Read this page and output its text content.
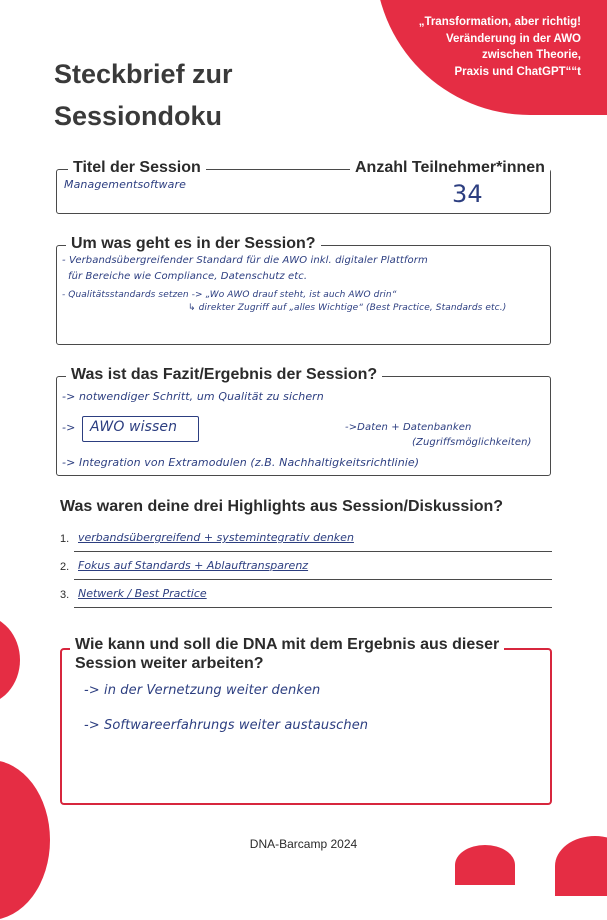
„Transformation, aber richtig!
Veränderung in der AWO
zwischen Theorie,
Praxis und ChatGPT““t
Steckbrief zur
Sessiondoku
Titel der Session	Anzahl Teilnehmer*innen
Managementsoftware	34
Um was geht es in der Session?
- Verbandsübergreifender Standard für die AWO inkl. digitaler Plattform
für Bereiche wie Compliance, Datenschutz etc.
- Qualitätsstandards setzen -> „Wo AWO drauf steht, ist auch AWO drin“
↳ direkter Zugriff auf „alles Wichtige“ (Best Practice, Standards etc.)
Was ist das Fazit/Ergebnis der Session?
-> notwendiger Schritt, um Qualität zu sichern
-> AWO wissen	->Daten + Datenbanken
(Zugriffsmöglichkeiten)
-> Integration von Extramodulen (z.B. Nachhaltigkeitsrichtlinie)
Was waren deine drei Highlights aus Session/Diskussion?
1. verbandsübergreifend + systemintegrativ denken
2. Fokus auf Standards + Ablauftransparenz
3. Netwerk / Best Practice
Wie kann und soll die DNA mit dem Ergebnis aus dieser
Session weiter arbeiten?
-> in der Vernetzung weiter denken
-> Softwareerfahrungs weiter austauschen
DNA-Barcamp 2024
